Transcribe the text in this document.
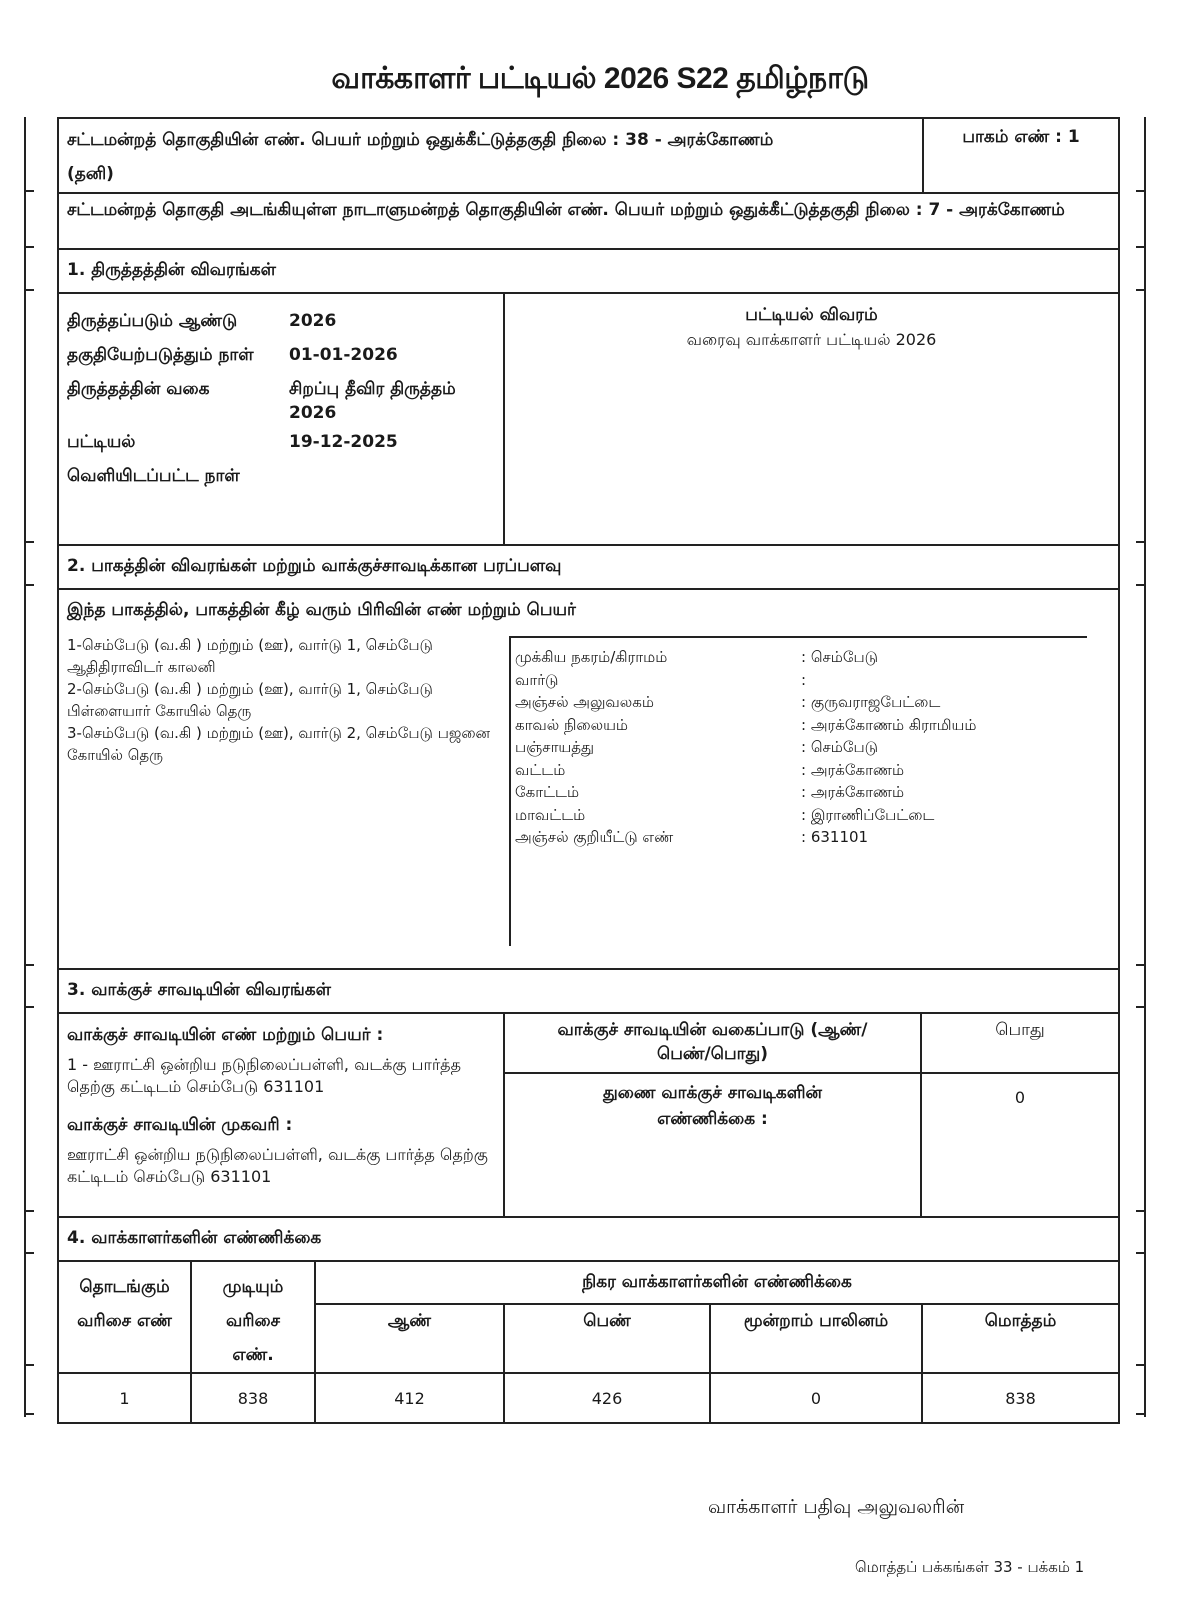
வாக்காளர் பட்டியல் 2026 S22 தமிழ்நாடு
சட்டமன்றத் தொகுதியின் எண். பெயர் மற்றும் ஒதுக்கீட்டுத்தகுதி நிலை : 38 - அரக்கோணம்
(தனி)
பாகம் எண் : 1
சட்டமன்றத் தொகுதி அடங்கியுள்ள நாடாளுமன்றத் தொகுதியின் எண். பெயர் மற்றும் ஒதுக்கீட்டுத்தகுதி நிலை : 7 - அரக்கோணம்
1. திருத்தத்தின் விவரங்கள்
திருத்தப்படும் ஆண்டு	2026
தகுதியேற்படுத்தும் நாள்	01-01-2026
திருத்தத்தின் வகை	சிறப்பு தீவிர திருத்தம் 2026
பட்டியல் வெளியிடப்பட்ட நாள்
19-12-2025
பட்டியல் விவரம்
வரைவு வாக்காளர் பட்டியல் 2026
2. பாகத்தின் விவரங்கள் மற்றும் வாக்குச்சாவடிக்கான பரப்பளவு
இந்த பாகத்தில், பாகத்தின் கீழ் வரும் பிரிவின் எண் மற்றும் பெயர்
1-செம்பேடு (வ.கி ) மற்றும் (ஊ), வார்டு 1, செம்பேடு ஆதிதிராவிடர் காலனி
2-செம்பேடு (வ.கி ) மற்றும் (ஊ), வார்டு 1, செம்பேடு பிள்ளையார் கோயில் தெரு
3-செம்பேடு (வ.கி ) மற்றும் (ஊ), வார்டு 2, செம்பேடு பஜனை கோயில் தெரு
முக்கிய நகரம்/கிராமம்	: செம்பேடு
வார்டு	:
அஞ்சல் அலுவலகம்	: குருவராஜபேட்டை
காவல் நிலையம்	: அரக்கோணம் கிராமியம்
பஞ்சாயத்து	: செம்பேடு
வட்டம்	: அரக்கோணம்
கோட்டம்	: அரக்கோணம்
மாவட்டம்	: இராணிப்பேட்டை
அஞ்சல் குறியீட்டு எண்	: 631101
3. வாக்குச் சாவடியின் விவரங்கள்
வாக்குச் சாவடியின் எண் மற்றும் பெயர் :
1 - ஊராட்சி ஒன்றிய நடுநிலைப்பள்ளி, வடக்கு பார்த்த தெற்கு கட்டிடம் செம்பேடு 631101
வாக்குச் சாவடியின் முகவரி :
ஊராட்சி ஒன்றிய நடுநிலைப்பள்ளி, வடக்கு பார்த்த தெற்கு கட்டிடம் செம்பேடு 631101
வாக்குச் சாவடியின் வகைப்பாடு (ஆண்/பெண்/பொது)
பொது
துணை வாக்குச் சாவடிகளின் எண்ணிக்கை :
0
4. வாக்காளர்களின் எண்ணிக்கை
தொடங்கும் வரிசை எண்	முடியும் வரிசை எண்.	நிகர வாக்காளர்களின் எண்ணிக்கை			
		ஆண்	பெண்	மூன்றாம் பாலினம்	மொத்தம்
1	838	412	426	0	838
வாக்காளர் பதிவு அலுவலரின்
மொத்தப் பக்கங்கள் 33 - பக்கம் 1
